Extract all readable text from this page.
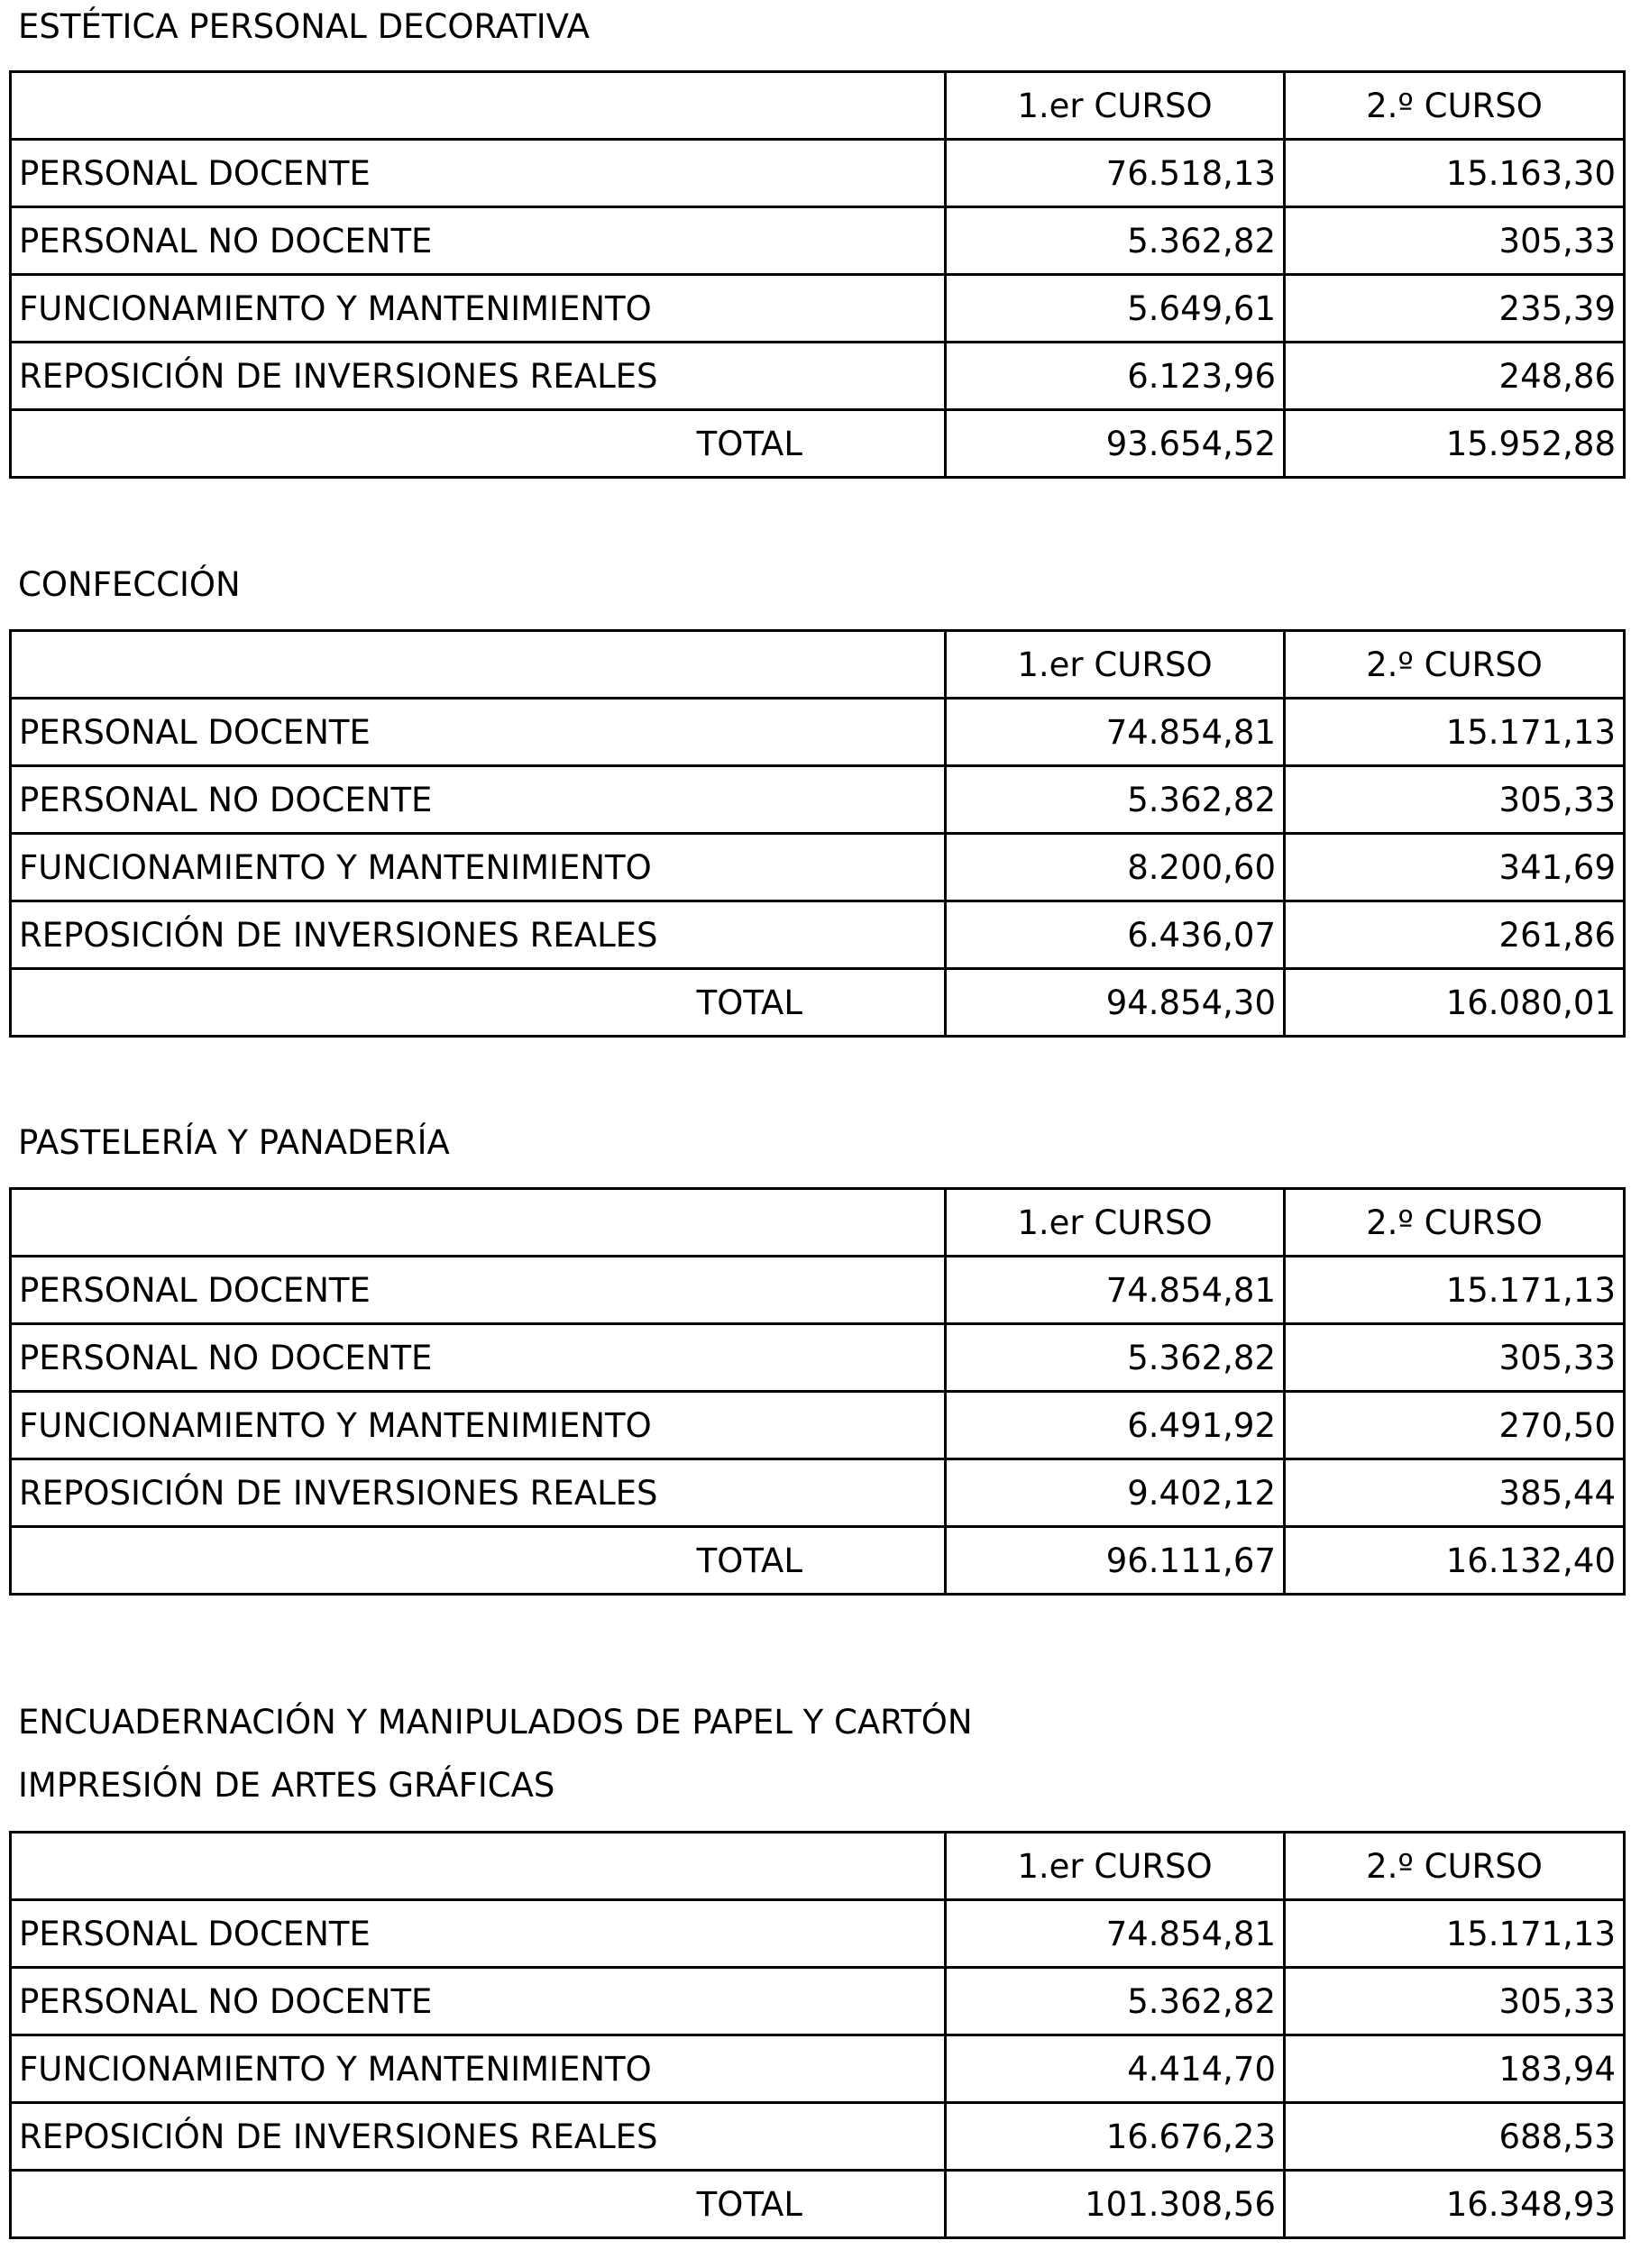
ESTÉTICA PERSONAL DECORATIVA
	1.er CURSO	2.º CURSO
PERSONAL DOCENTE	76.518,13	15.163,30
PERSONAL NO DOCENTE	5.362,82	305,33
FUNCIONAMIENTO Y MANTENIMIENTO	5.649,61	235,39
REPOSICIÓN DE INVERSIONES REALES	6.123,96	248,86
TOTAL	93.654,52	15.952,88
CONFECCIÓN
	1.er CURSO	2.º CURSO
PERSONAL DOCENTE	74.854,81	15.171,13
PERSONAL NO DOCENTE	5.362,82	305,33
FUNCIONAMIENTO Y MANTENIMIENTO	8.200,60	341,69
REPOSICIÓN DE INVERSIONES REALES	6.436,07	261,86
TOTAL	94.854,30	16.080,01
PASTELERÍA Y PANADERÍA
	1.er CURSO	2.º CURSO
PERSONAL DOCENTE	74.854,81	15.171,13
PERSONAL NO DOCENTE	5.362,82	305,33
FUNCIONAMIENTO Y MANTENIMIENTO	6.491,92	270,50
REPOSICIÓN DE INVERSIONES REALES	9.402,12	385,44
TOTAL	96.111,67	16.132,40
ENCUADERNACIÓN Y MANIPULADOS DE PAPEL Y CARTÓN
IMPRESIÓN DE ARTES GRÁFICAS
	1.er CURSO	2.º CURSO
PERSONAL DOCENTE	74.854,81	15.171,13
PERSONAL NO DOCENTE	5.362,82	305,33
FUNCIONAMIENTO Y MANTENIMIENTO	4.414,70	183,94
REPOSICIÓN DE INVERSIONES REALES	16.676,23	688,53
TOTAL	101.308,56	16.348,93
